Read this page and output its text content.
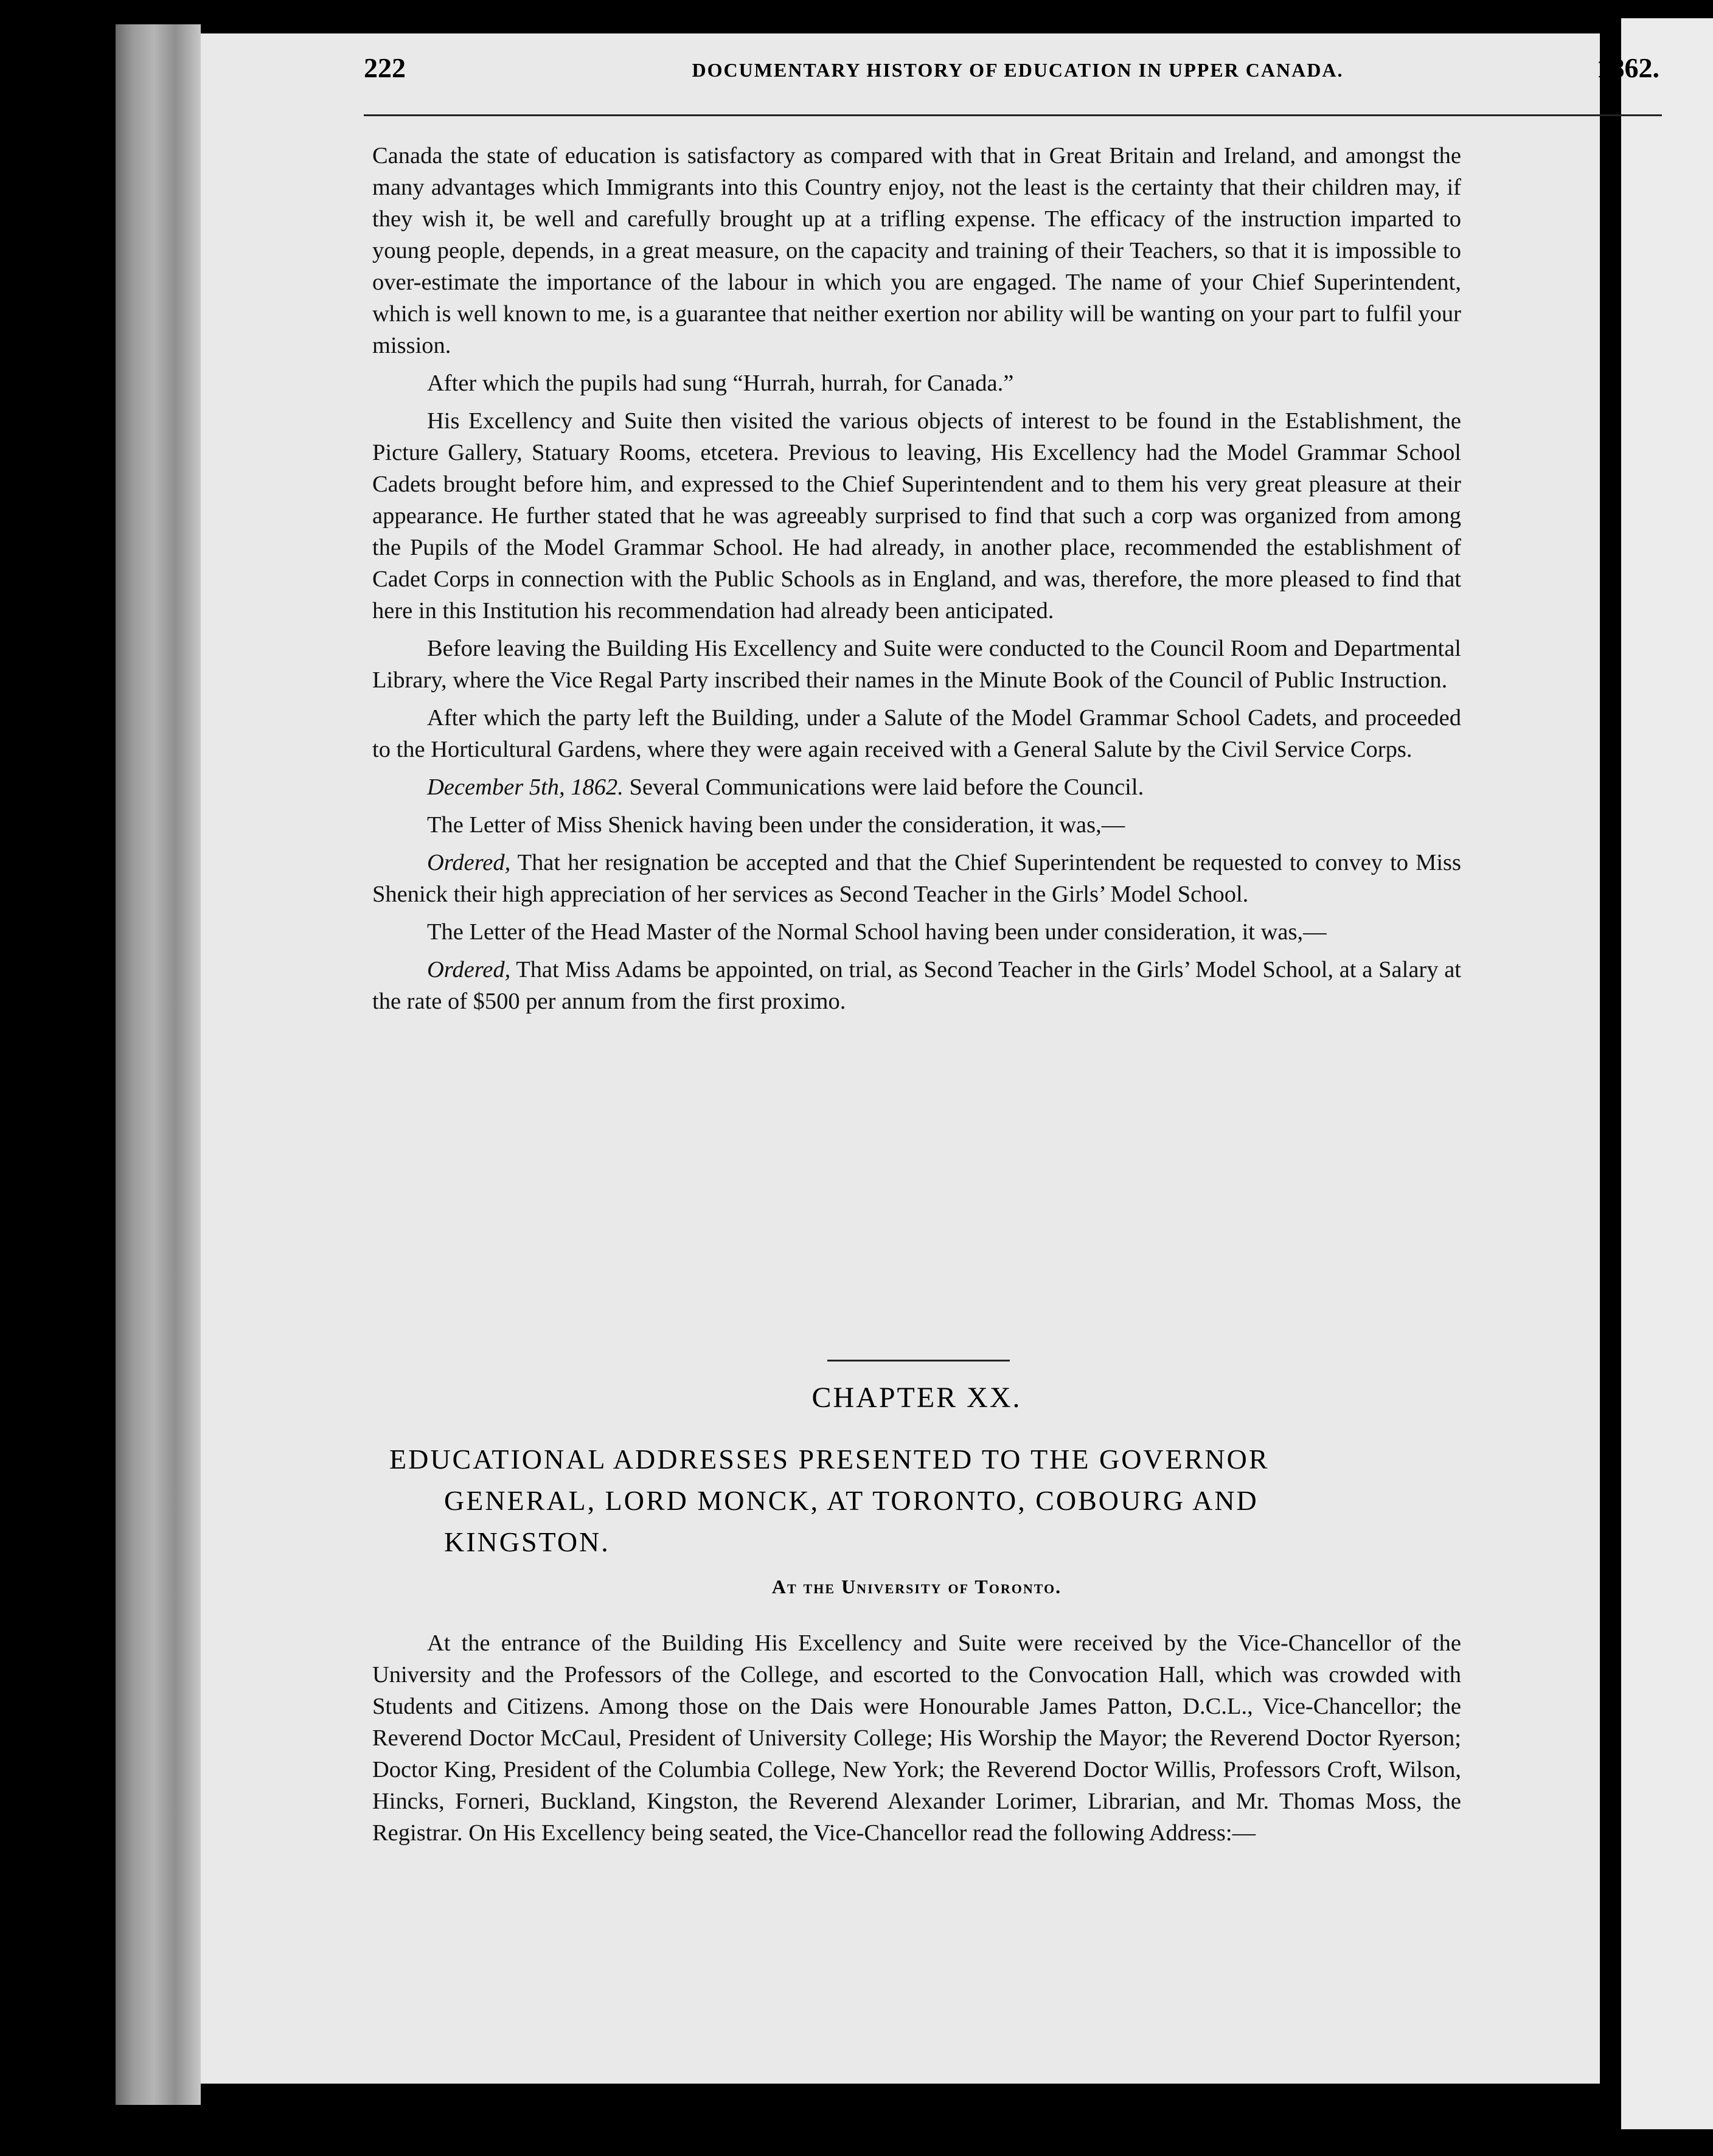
222	DOCUMENTARY HISTORY OF EDUCATION IN UPPER CANADA.	1862.

Canada the state of education is satisfactory as compared with that in Great Britain and Ireland, and amongst the many advantages which Immigrants into this Country enjoy, not the least is the certainty that their children may, if they wish it, be well and carefully brought up at a trifling expense. The efficacy of the instruction imparted to young people, depends, in a great measure, on the capacity and training of their Teachers, so that it is impossible to over-estimate the importance of the labour in which you are engaged. The name of your Chief Superintendent, which is well known to me, is a guarantee that neither exertion nor ability will be wanting on your part to fulfil your mission.

After which the pupils had sung “Hurrah, hurrah, for Canada.”

His Excellency and Suite then visited the various objects of interest to be found in the Establishment, the Picture Gallery, Statuary Rooms, etcetera. Previous to leaving, His Excellency had the Model Grammar School Cadets brought before him, and expressed to the Chief Superintendent and to them his very great pleasure at their appearance. He further stated that he was agreeably surprised to find that such a corp was organized from among the Pupils of the Model Grammar School. He had already, in another place, recommended the establishment of Cadet Corps in connection with the Public Schools as in England, and was, therefore, the more pleased to find that here in this Institution his recommendation had already been anticipated.

Before leaving the Building His Excellency and Suite were conducted to the Council Room and Departmental Library, where the Vice Regal Party inscribed their names in the Minute Book of the Council of Public Instruction.

After which the party left the Building, under a Salute of the Model Grammar School Cadets, and proceeded to the Horticultural Gardens, where they were again received with a General Salute by the Civil Service Corps.

December 5th, 1862. Several Communications were laid before the Council.

The Letter of Miss Shenick having been under the consideration, it was,—

Ordered, That her resignation be accepted and that the Chief Superintendent be requested to convey to Miss Shenick their high appreciation of her services as Second Teacher in the Girls’ Model School.

The Letter of the Head Master of the Normal School having been under consideration, it was,—

Ordered, That Miss Adams be appointed, on trial, as Second Teacher in the Girls’ Model School, at a Salary at the rate of $500 per annum from the first proximo.

CHAPTER XX.
EDUCATIONAL ADDRESSES PRESENTED TO THE GOVERNOR
GENERAL, LORD MONCK, AT TORONTO, COBOURG AND
KINGSTON.
At the University of Toronto.

At the entrance of the Building His Excellency and Suite were received by the Vice-Chancellor of the University and the Professors of the College, and escorted to the Convocation Hall, which was crowded with Students and Citizens. Among those on the Dais were Honourable James Patton, D.C.L., Vice-Chancellor; the Reverend Doctor McCaul, President of University College; His Worship the Mayor; the Reverend Doctor Ryerson; Doctor King, President of the Columbia College, New York; the Reverend Doctor Willis, Professors Croft, Wilson, Hincks, Forneri, Buckland, Kingston, the Reverend Alexander Lorimer, Librarian, and Mr. Thomas Moss, the Registrar. On His Excellency being seated, the Vice-Chancellor read the following Address:—
